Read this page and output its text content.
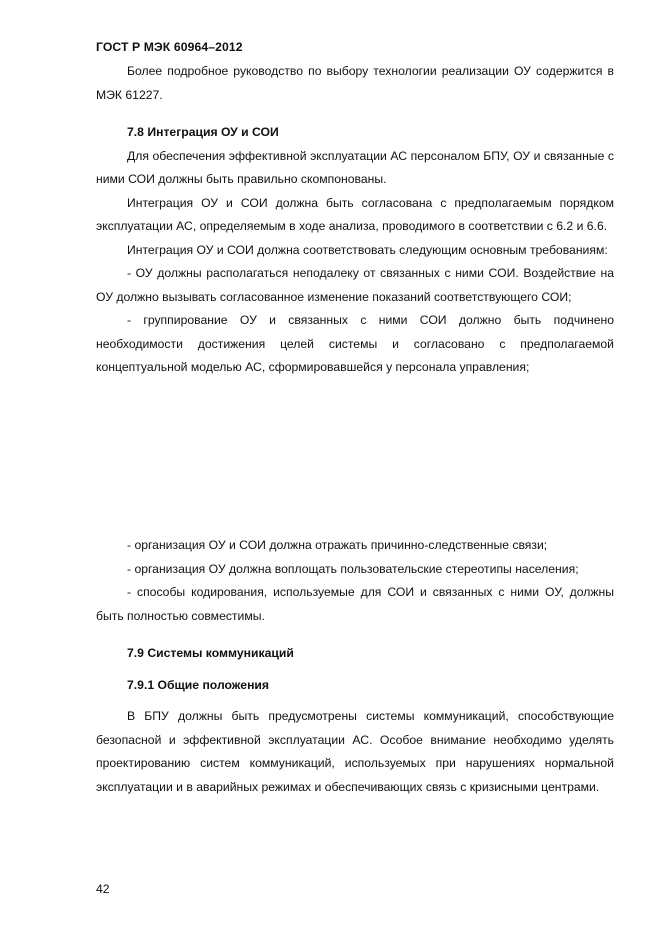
ГОСТ Р МЭК 60964–2012

Более подробное руководство по выбору технологии реализации ОУ содержится в МЭК 61227.

7.8 Интеграция ОУ и СОИ

Для обеспечения эффективной эксплуатации АС персоналом БПУ, ОУ и связанные с ними СОИ должны быть правильно скомпонованы.

Интеграция ОУ и СОИ должна быть согласована с предполагаемым порядком эксплуатации АС, определяемым в ходе анализа, проводимого в соответствии с 6.2 и 6.6.

Интеграция ОУ и СОИ должна соответствовать следующим основным требованиям:

- ОУ должны располагаться неподалеку от связанных с ними СОИ. Воздействие на ОУ должно вызывать согласованное изменение показаний соответствующего СОИ;

- группирование ОУ и связанных с ними СОИ должно быть подчинено необходимости достижения целей системы и согласовано с предполагаемой концептуальной моделью АС, сформировавшейся у персонала управления;

- организация ОУ и СОИ должна отражать причинно-следственные связи;

- организация ОУ должна воплощать пользовательские стереотипы населения;

- способы кодирования, используемые для СОИ и связанных с ними ОУ, должны быть полностью совместимы.

7.9 Системы коммуникаций

7.9.1 Общие положения

В БПУ должны быть предусмотрены системы коммуникаций, способствующие безопасной и эффективной эксплуатации АС. Особое внимание необходимо уделять проектированию систем коммуникаций, используемых при нарушениях нормальной эксплуатации и в аварийных режимах и обеспечивающих связь с кризисными центрами.

42
